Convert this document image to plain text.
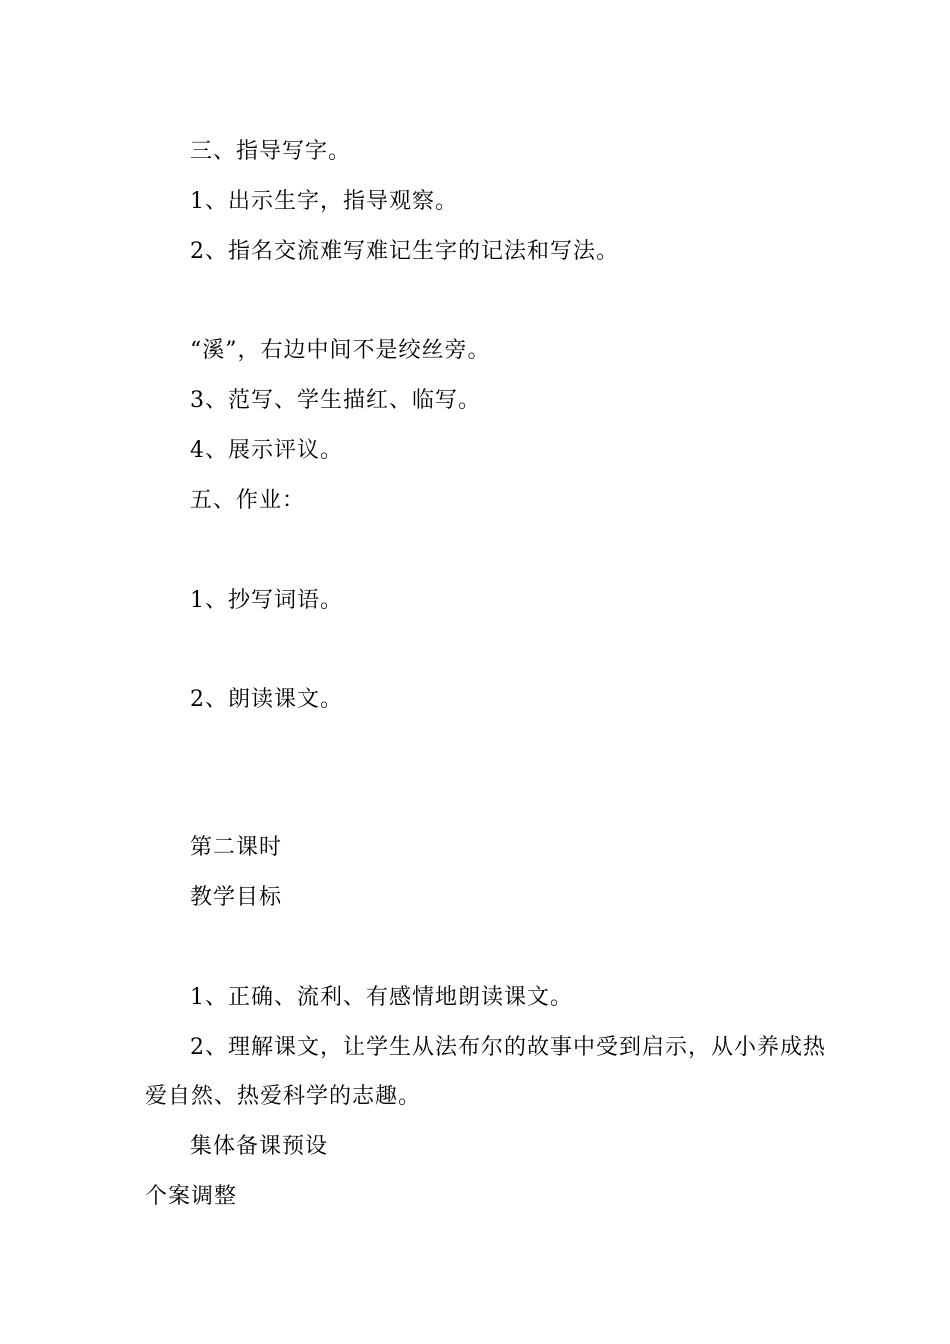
三、指导写字。
1、出示生字，指导观察。
2、指名交流难写难记生字的记法和写法。
“溪”，右边中间不是绞丝旁。
3、范写、学生描红、临写。
4、展示评议。
五、作业：
1、抄写词语。
2、朗读课文。
第二课时
教学目标
1、正确、流利、有感情地朗读课文。
2、理解课文，让学生从法布尔的故事中受到启示，从小养成热
爱自然、热爱科学的志趣。
集体备课预设
个案调整
